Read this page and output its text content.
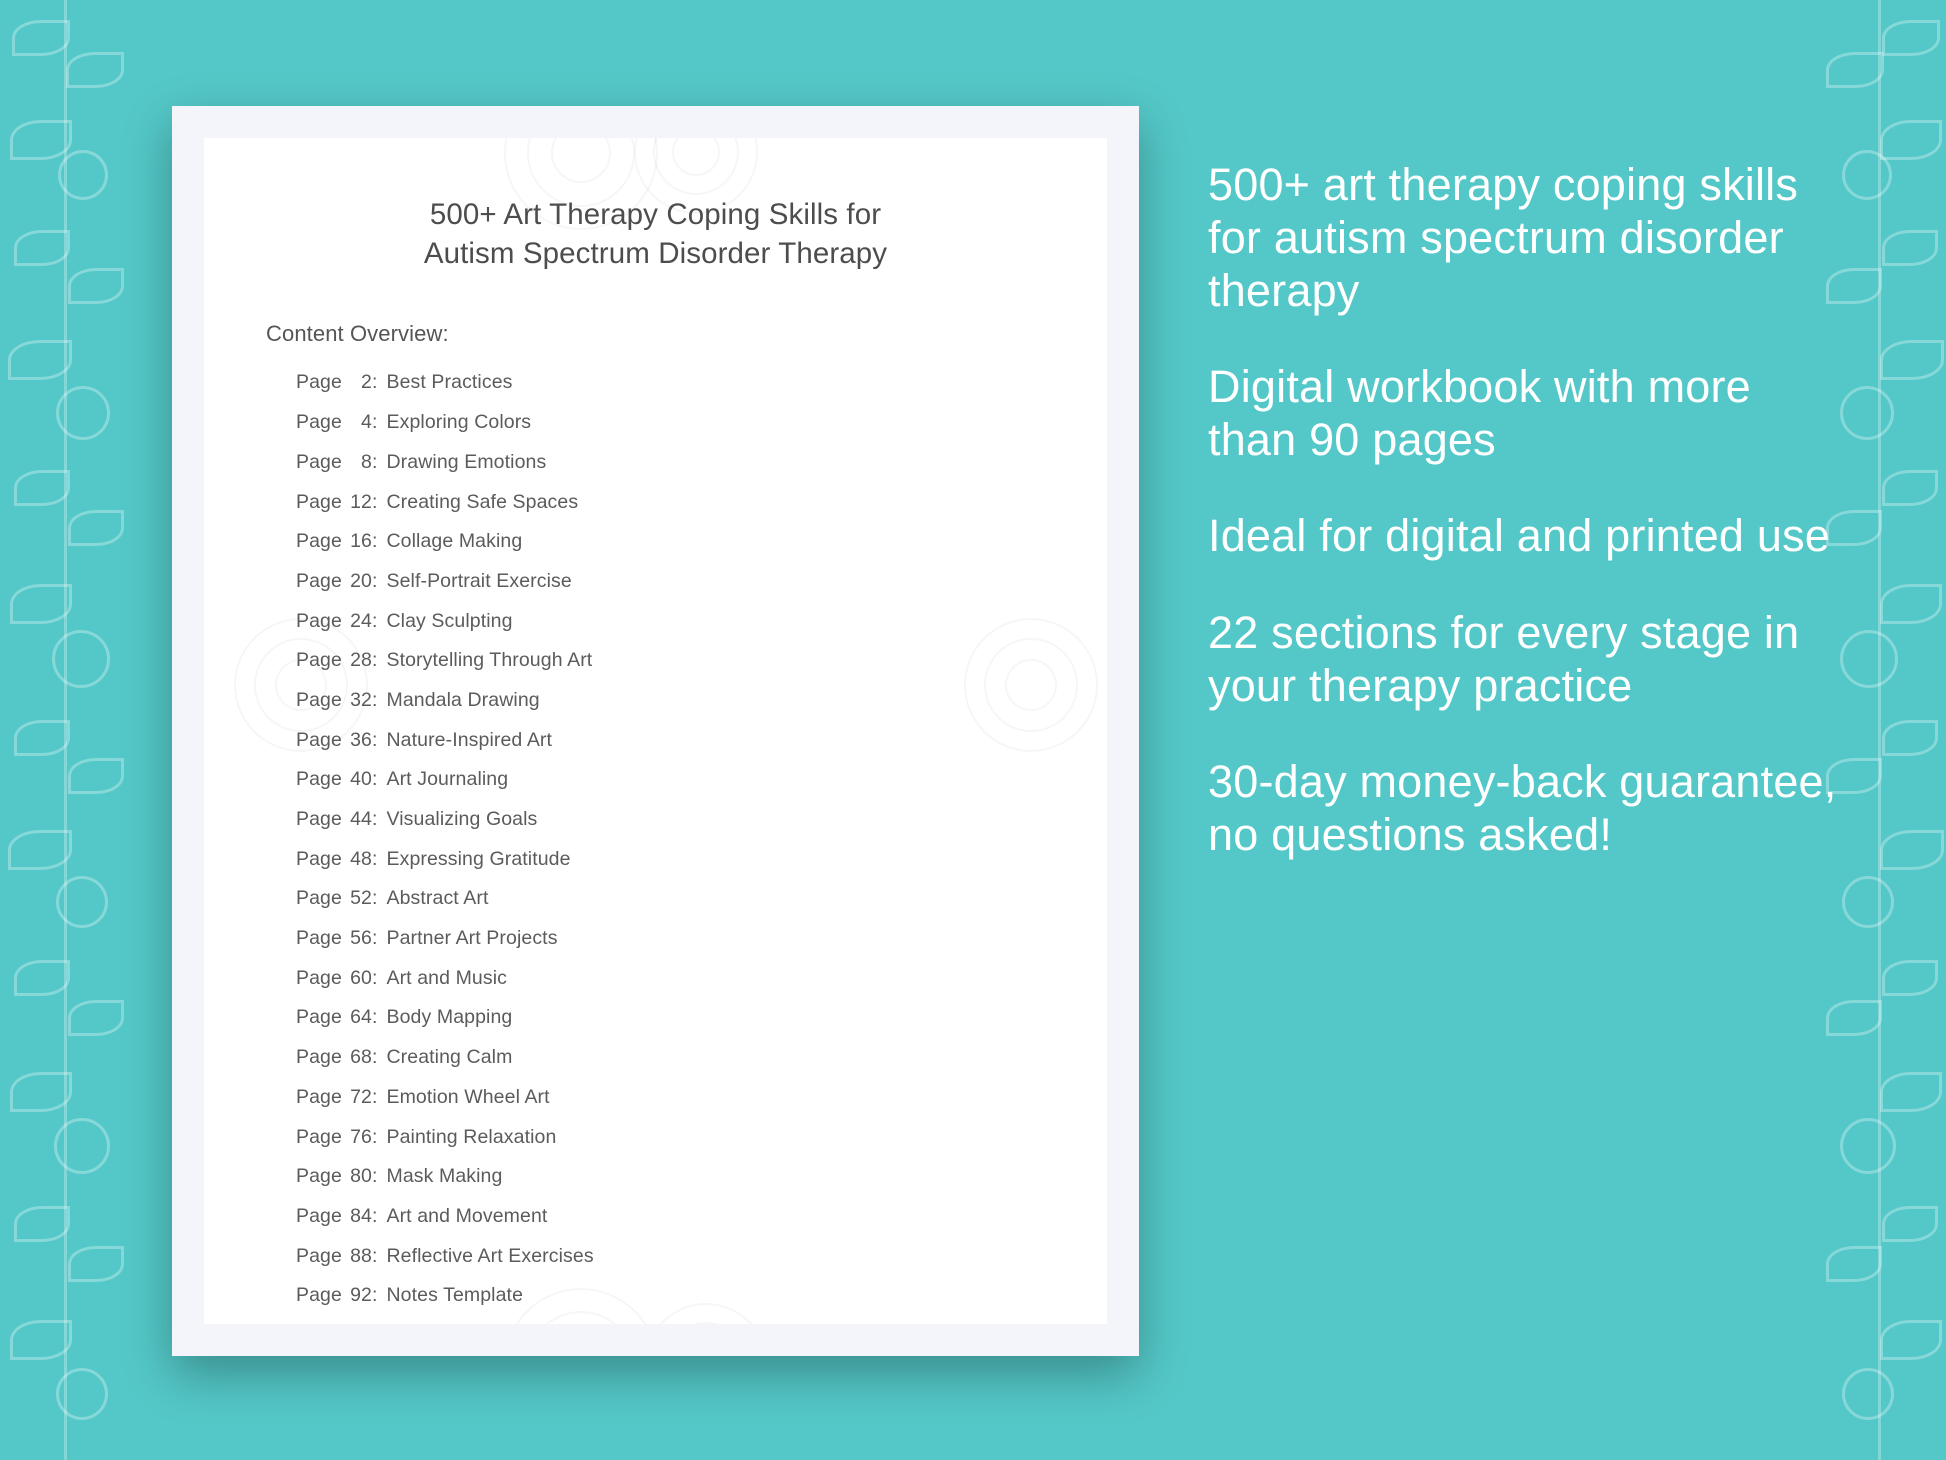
500+ Art Therapy Coping Skills for
Autism Spectrum Disorder Therapy
Content Overview:
Page 2 : Best Practices
Page 4 : Exploring Colors
Page 8 : Drawing Emotions
Page 12 : Creating Safe Spaces
Page 16 : Collage Making
Page 20 : Self-Portrait Exercise
Page 24 : Clay Sculpting
Page 28 : Storytelling Through Art
Page 32 : Mandala Drawing
Page 36 : Nature-Inspired Art
Page 40 : Art Journaling
Page 44 : Visualizing Goals
Page 48 : Expressing Gratitude
Page 52 : Abstract Art
Page 56 : Partner Art Projects
Page 60 : Art and Music
Page 64 : Body Mapping
Page 68 : Creating Calm
Page 72 : Emotion Wheel Art
Page 76 : Painting Relaxation
Page 80 : Mask Making
Page 84 : Art and Movement
Page 88 : Reflective Art Exercises
Page 92 : Notes Template
500+ art therapy coping skills for autism spectrum disorder therapy
Digital workbook with more than 90 pages
Ideal for digital and printed use
22 sections for every stage in your therapy practice
30-day money-back guarantee, no questions asked!
